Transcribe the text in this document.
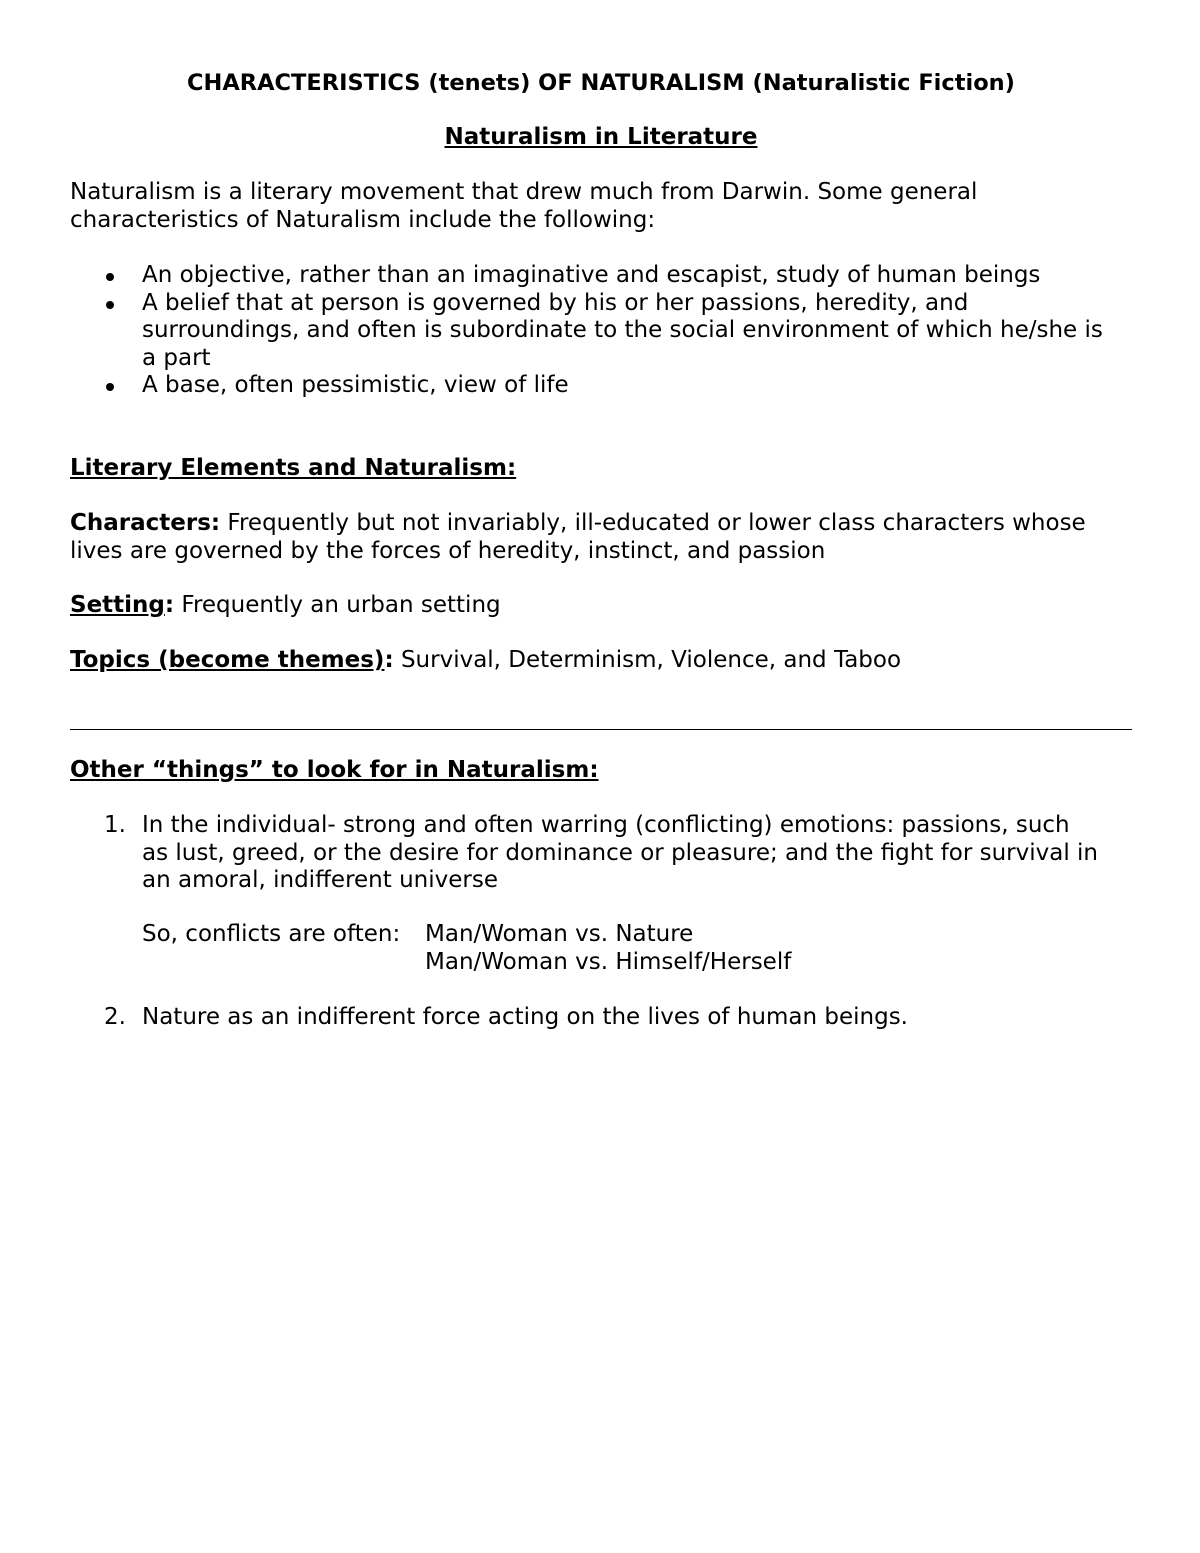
CHARACTERISTICS (tenets) OF NATURALISM (Naturalistic Fiction)
Naturalism in Literature
Naturalism is a literary movement that drew much from Darwin. Some general
characteristics of Naturalism include the following:
An objective, rather than an imaginative and escapist, study of human beings
A belief that at person is governed by his or her passions, heredity, and
surroundings, and often is subordinate to the social environment of which he/she is
a part
A base, often pessimistic, view of life
Literary Elements and Naturalism:
Characters: Frequently but not invariably, ill-educated or lower class characters whose
lives are governed by the forces of heredity, instinct, and passion
Setting: Frequently an urban setting
Topics (become themes): Survival, Determinism, Violence, and Taboo
Other “things” to look for in Naturalism:
1. In the individual- strong and often warring (conflicting) emotions: passions, such
as lust, greed, or the desire for dominance or pleasure; and the fight for survival in
an amoral, indifferent universe
So, conflicts are often: Man/Woman vs. Nature
Man/Woman vs. Himself/Herself
2. Nature as an indifferent force acting on the lives of human beings.
